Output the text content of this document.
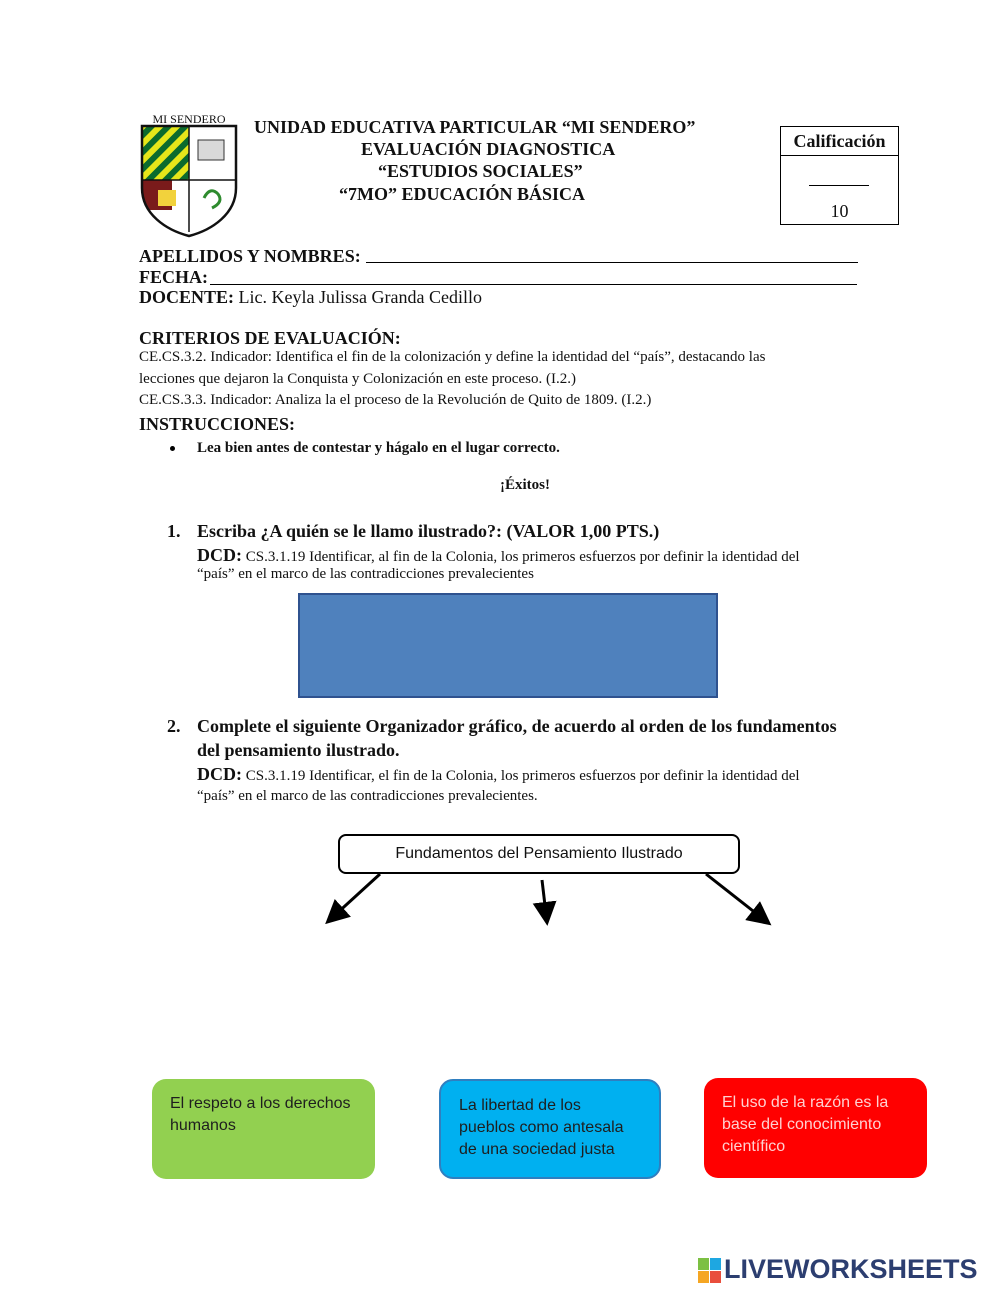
MI SENDERO UNIDAD EDUCATIVA PARTICULAR “MI SENDERO”
EVALUACIÓN DIAGNOSTICA
“ESTUDIOS SOCIALES”
“7MO” EDUCACIÓN BÁSICA
Calificación
10
APELLIDOS Y NOMBRES:
FECHA:
DOCENTE: Lic. Keyla Julissa Granda Cedillo
CRITERIOS DE EVALUACIÓN:
CE.CS.3.2. Indicador: Identifica el fin de la colonización y define la identidad del “país”, destacando las
lecciones que dejaron la Conquista y Colonización en este proceso. (I.2.)
CE.CS.3.3. Indicador: Analiza la el proceso de la Revolución de Quito de 1809. (I.2.)
INSTRUCCIONES:
Lea bien antes de contestar y hágalo en el lugar correcto.
¡Éxitos!
1. Escriba ¿A quién se le llamo ilustrado?: (VALOR 1,00 PTS.)
DCD: CS.3.1.19 Identificar, al fin de la Colonia, los primeros esfuerzos por definir la identidad del
“país” en el marco de las contradicciones prevalecientes
2. Complete el siguiente Organizador gráfico, de acuerdo al orden de los fundamentos
del pensamiento ilustrado.
DCD: CS.3.1.19 Identificar, el fin de la Colonia, los primeros esfuerzos por definir la identidad del
“país” en el marco de las contradicciones prevalecientes.
Fundamentos del Pensamiento Ilustrado
El respeto a los derechos humanos
La libertad de los pueblos como antesala de una sociedad justa
El uso de la razón es la base del conocimiento científico
LIVEWORKSHEETS
